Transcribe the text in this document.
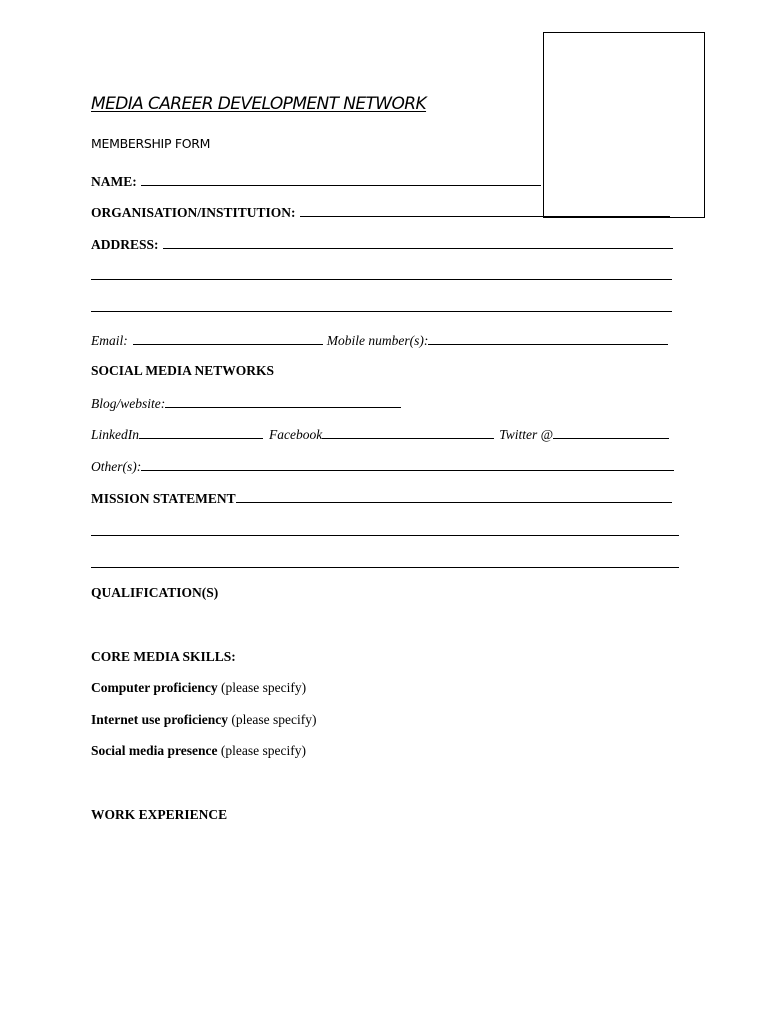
MEDIA CAREER DEVELOPMENT NETWORK
MEMBERSHIP FORM
NAME:
ORGANISATION/INSTITUTION:
ADDRESS:
Email:	Mobile number(s):
SOCIAL MEDIA NETWORKS
Blog/website:
LinkedIn	Facebook	Twitter @
Other(s):
MISSION STATEMENT
QUALIFICATION(S)
CORE MEDIA SKILLS:
Computer proficiency (please specify)
Internet use proficiency (please specify)
Social media presence (please specify)
WORK EXPERIENCE
